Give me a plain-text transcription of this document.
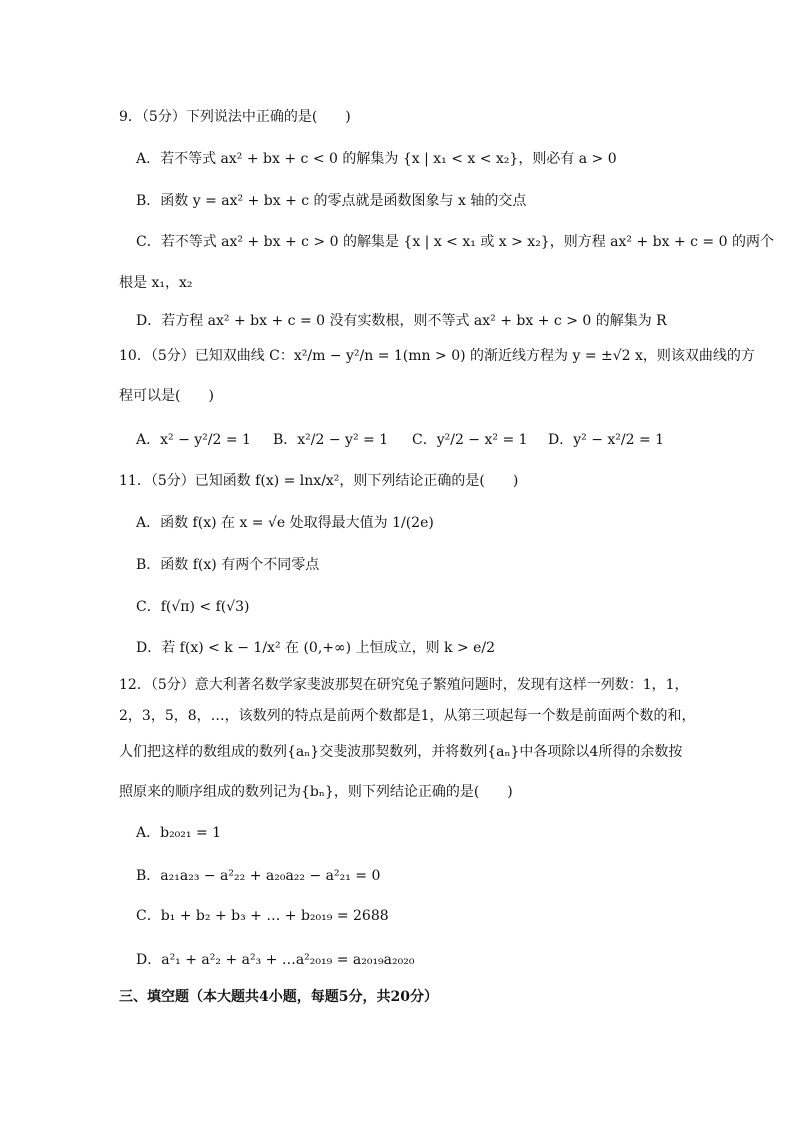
9．（5分）下列说法中正确的是(　　)
A．若不等式 ax² + bx + c < 0 的解集为 {x | x₁ < x < x₂}，则必有 a > 0
B．函数 y = ax² + bx + c 的零点就是函数图象与 x 轴的交点
C．若不等式 ax² + bx + c > 0 的解集是 {x | x < x₁ 或 x > x₂}，则方程 ax² + bx + c = 0 的两个
根是 x₁，x₂
D．若方程 ax² + bx + c = 0 没有实数根，则不等式 ax² + bx + c > 0 的解集为 R
10．（5分）已知双曲线 C：x²/m − y²/n = 1(mn > 0) 的渐近线方程为 y = ±√2 x，则该双曲线的方
程可以是(　　)
A．x² − y²/2 = 1 B．x²/2 − y² = 1 C．y²/2 − x² = 1 D．y² − x²/2 = 1
11．（5分）已知函数 f(x) = lnx/x²，则下列结论正确的是(　　)
A．函数 f(x) 在 x = √e 处取得最大值为 1/(2e)
B．函数 f(x) 有两个不同零点
C．f(√π) < f(√3)
D．若 f(x) < k − 1/x² 在 (0,+∞) 上恒成立，则 k > e/2
12．（5分）意大利著名数学家斐波那契在研究兔子繁殖问题时，发现有这样一列数：1，1，
2，3，5，8，…，该数列的特点是前两个数都是1，从第三项起每一个数是前面两个数的和，
人们把这样的数组成的数列{aₙ}交斐波那契数列，并将数列{aₙ}中各项除以4所得的余数按
照原来的顺序组成的数列记为{bₙ}，则下列结论正确的是(　　)
A．b₂₀₂₁ = 1
B．a₂₁a₂₃ − a²₂₂ + a₂₀a₂₂ − a²₂₁ = 0
C．b₁ + b₂ + b₃ + … + b₂₀₁₉ = 2688
D．a²₁ + a²₂ + a²₃ + …a²₂₀₁₉ = a₂₀₁₉a₂₀₂₀
三、填空题（本大题共4小题，每题5分，共20分）
